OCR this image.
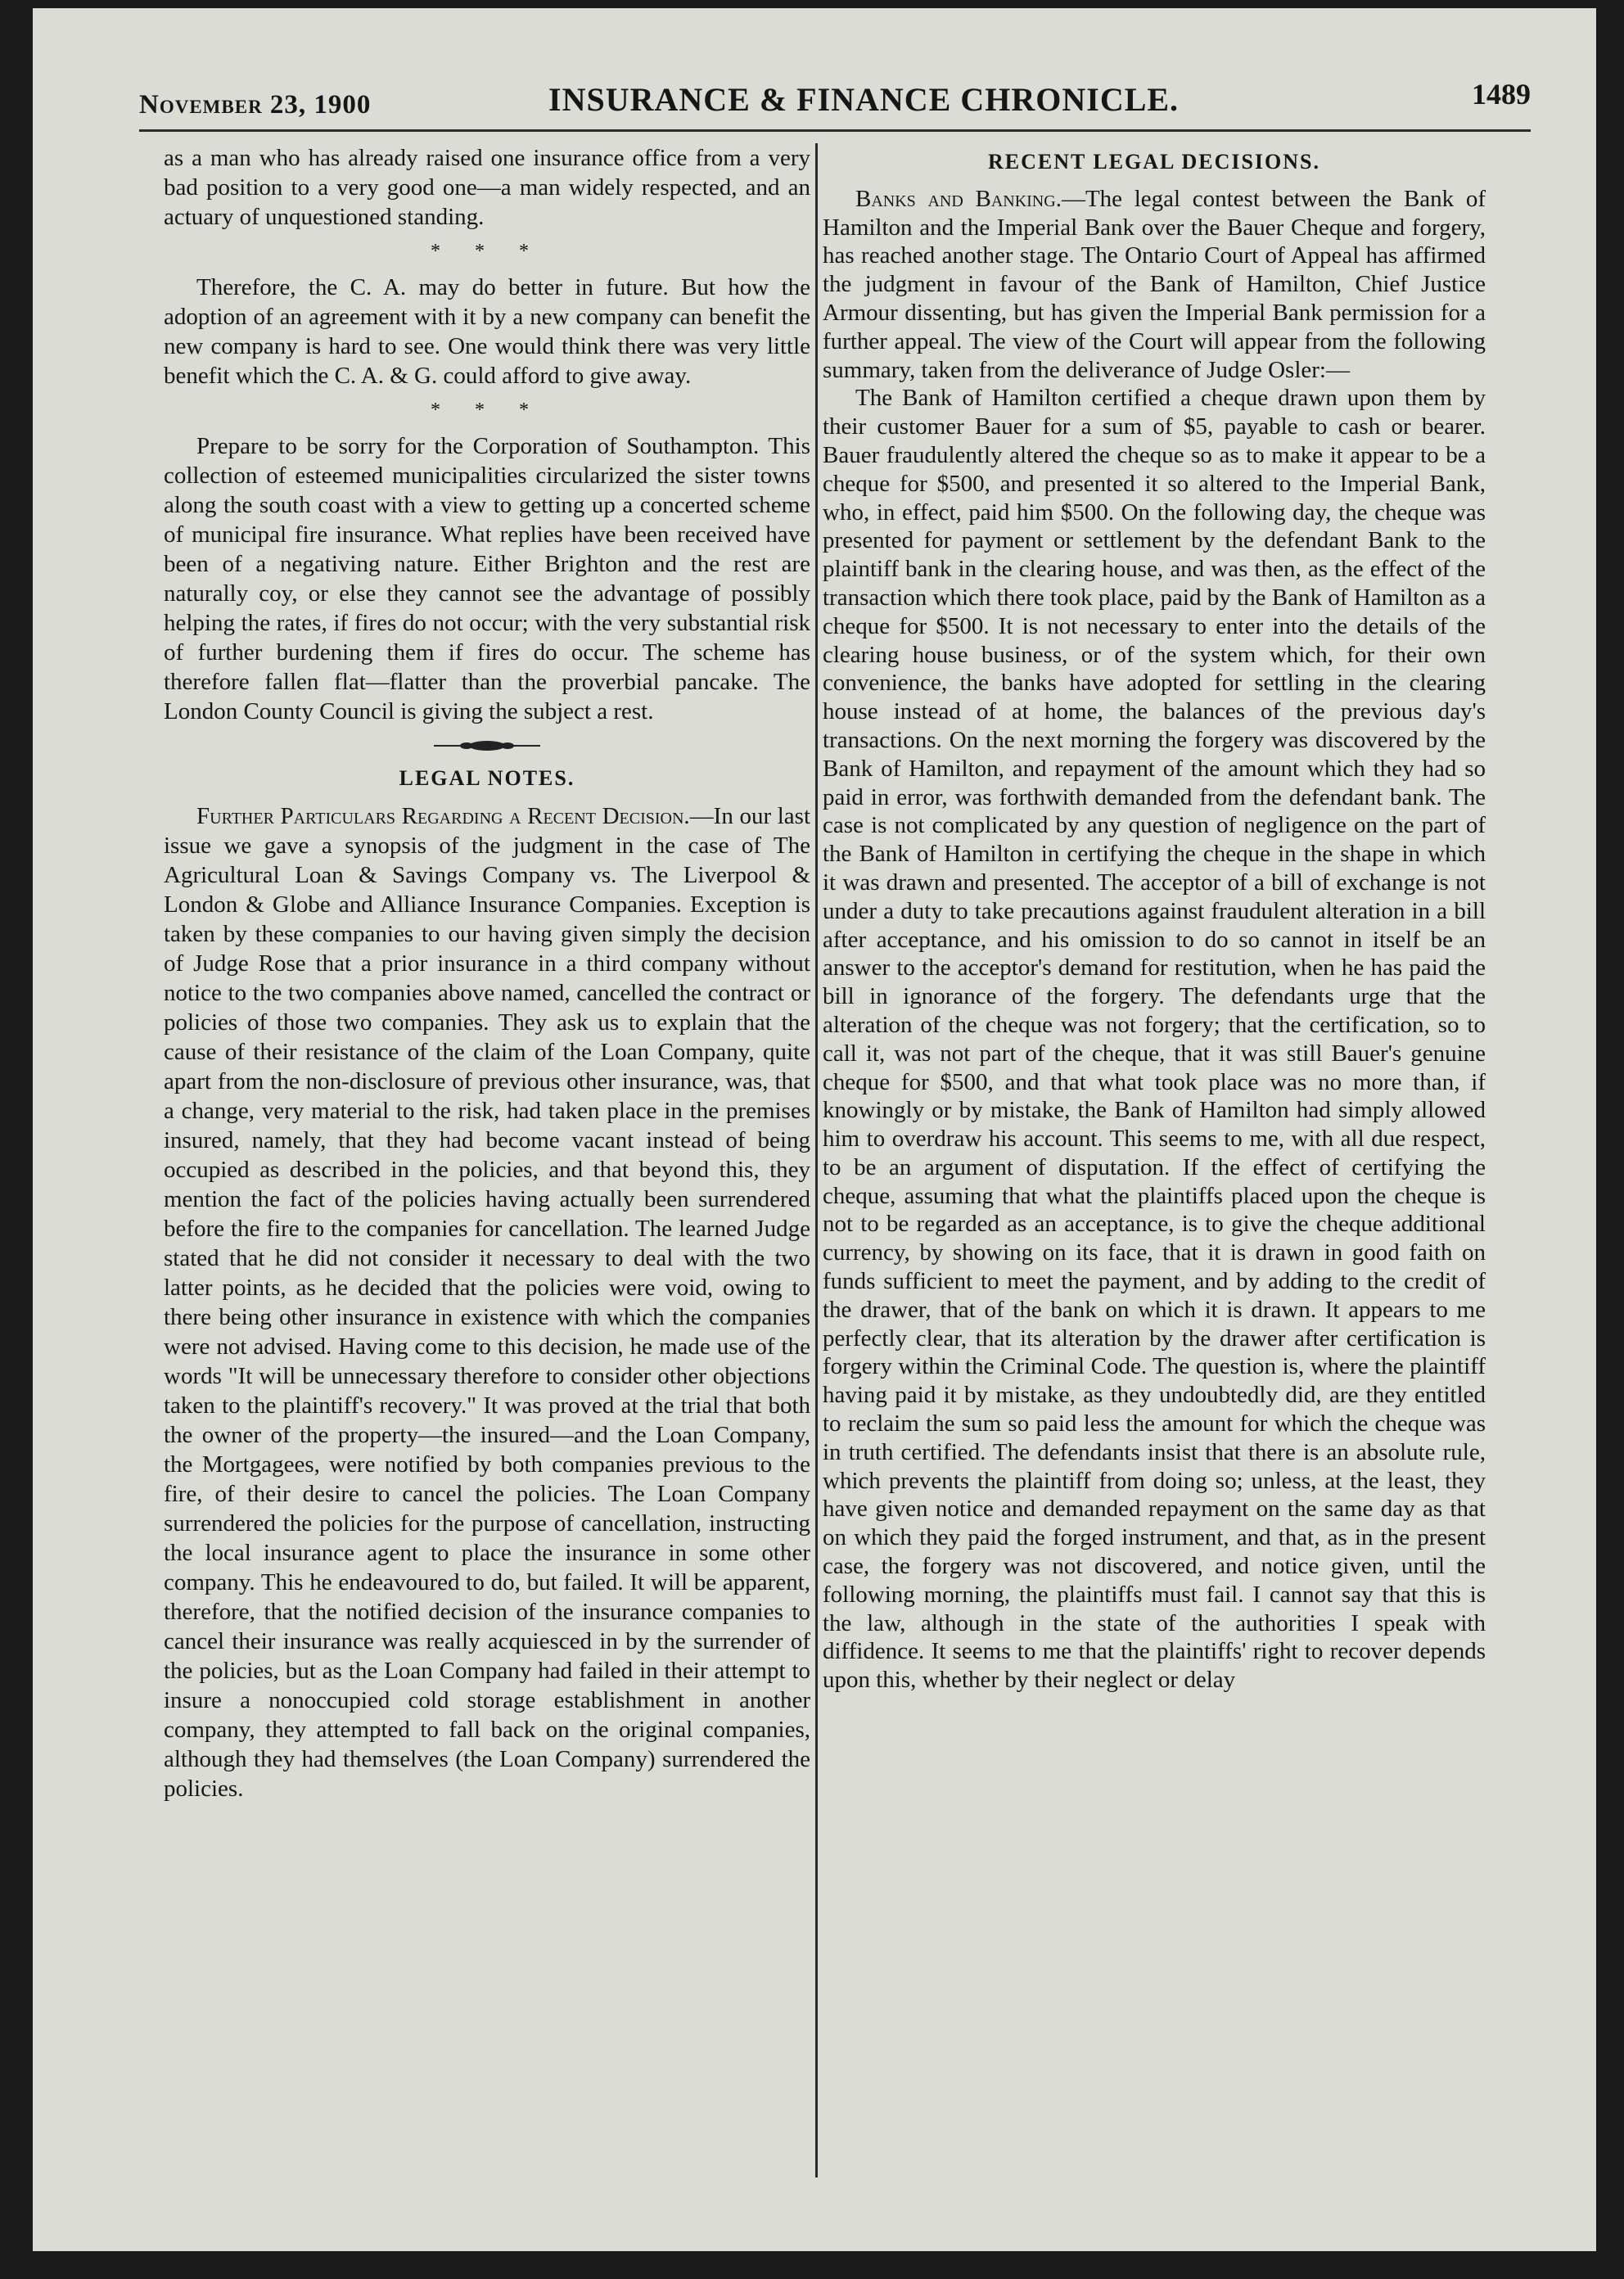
November 23, 1900	INSURANCE & FINANCE CHRONICLE.	1489

as a man who has already raised one insurance office from a very bad position to a very good one—a man widely respected, and an actuary of unquestioned standing.

* * *

Therefore, the C. A. may do better in future. But how the adoption of an agreement with it by a new company can benefit the new company is hard to see. One would think there was very little benefit which the C. A. & G. could afford to give away.

* * *

Prepare to be sorry for the Corporation of Southampton. This collection of esteemed municipalities circularized the sister towns along the south coast with a view to getting up a concerted scheme of municipal fire insurance. What replies have been received have been of a negativing nature. Either Brighton and the rest are naturally coy, or else they cannot see the advantage of possibly helping the rates, if fires do not occur; with the very substantial risk of further burdening them if fires do occur. The scheme has therefore fallen flat—flatter than the proverbial pancake. The London County Council is giving the subject a rest.

LEGAL NOTES.

Further Particulars Regarding a Recent Decision.—In our last issue we gave a synopsis of the judgment in the case of The Agricultural Loan & Savings Company vs. The Liverpool & London & Globe and Alliance Insurance Companies. Exception is taken by these companies to our having given simply the decision of Judge Rose that a prior insurance in a third company without notice to the two companies above named, cancelled the contract or policies of those two companies. They ask us to explain that the cause of their resistance of the claim of the Loan Company, quite apart from the non-disclosure of previous other insurance, was, that a change, very material to the risk, had taken place in the premises insured, namely, that they had become vacant instead of being occupied as described in the policies, and that beyond this, they mention the fact of the policies having actually been surrendered before the fire to the companies for cancellation. The learned Judge stated that he did not consider it necessary to deal with the two latter points, as he decided that the policies were void, owing to there being other insurance in existence with which the companies were not advised. Having come to this decision, he made use of the words "It will be unnecessary therefore to consider other objections taken to the plaintiff's recovery." It was proved at the trial that both the owner of the property—the insured—and the Loan Company, the Mortgagees, were notified by both companies previous to the fire, of their desire to cancel the policies. The Loan Company surrendered the policies for the purpose of cancellation, instructing the local insurance agent to place the insurance in some other company. This he endeavoured to do, but failed. It will be apparent, therefore, that the notified decision of the insurance companies to cancel their insurance was really acquiesced in by the surrender of the policies, but as the Loan Company had failed in their attempt to insure a nonoccupied cold storage establishment in another company, they attempted to fall back on the original companies, although they had themselves (the Loan Company) surrendered the policies.

RECENT LEGAL DECISIONS.

Banks and Banking.—The legal contest between the Bank of Hamilton and the Imperial Bank over the Bauer Cheque and forgery, has reached another stage. The Ontario Court of Appeal has affirmed the judgment in favour of the Bank of Hamilton, Chief Justice Armour dissenting, but has given the Imperial Bank permission for a further appeal. The view of the Court will appear from the following summary, taken from the deliverance of Judge Osler:—

The Bank of Hamilton certified a cheque drawn upon them by their customer Bauer for a sum of $5, payable to cash or bearer. Bauer fraudulently altered the cheque so as to make it appear to be a cheque for $500, and presented it so altered to the Imperial Bank, who, in effect, paid him $500. On the following day, the cheque was presented for payment or settlement by the defendant Bank to the plaintiff bank in the clearing house, and was then, as the effect of the transaction which there took place, paid by the Bank of Hamilton as a cheque for $500. It is not necessary to enter into the details of the clearing house business, or of the system which, for their own convenience, the banks have adopted for settling in the clearing house instead of at home, the balances of the previous day's transactions. On the next morning the forgery was discovered by the Bank of Hamilton, and repayment of the amount which they had so paid in error, was forthwith demanded from the defendant bank. The case is not complicated by any question of negligence on the part of the Bank of Hamilton in certifying the cheque in the shape in which it was drawn and presented. The acceptor of a bill of exchange is not under a duty to take precautions against fraudulent alteration in a bill after acceptance, and his omission to do so cannot in itself be an answer to the acceptor's demand for restitution, when he has paid the bill in ignorance of the forgery. The defendants urge that the alteration of the cheque was not forgery; that the certification, so to call it, was not part of the cheque, that it was still Bauer's genuine cheque for $500, and that what took place was no more than, if knowingly or by mistake, the Bank of Hamilton had simply allowed him to overdraw his account. This seems to me, with all due respect, to be an argument of disputation. If the effect of certifying the cheque, assuming that what the plaintiffs placed upon the cheque is not to be regarded as an acceptance, is to give the cheque additional currency, by showing on its face, that it is drawn in good faith on funds sufficient to meet the payment, and by adding to the credit of the drawer, that of the bank on which it is drawn. It appears to me perfectly clear, that its alteration by the drawer after certification is forgery within the Criminal Code. The question is, where the plaintiff having paid it by mistake, as they undoubtedly did, are they entitled to reclaim the sum so paid less the amount for which the cheque was in truth certified. The defendants insist that there is an absolute rule, which prevents the plaintiff from doing so; unless, at the least, they have given notice and demanded repayment on the same day as that on which they paid the forged instrument, and that, as in the present case, the forgery was not discovered, and notice given, until the following morning, the plaintiffs must fail. I cannot say that this is the law, although in the state of the authorities I speak with diffidence. It seems to me that the plaintiffs' right to recover depends upon this, whether by their neglect or delay
